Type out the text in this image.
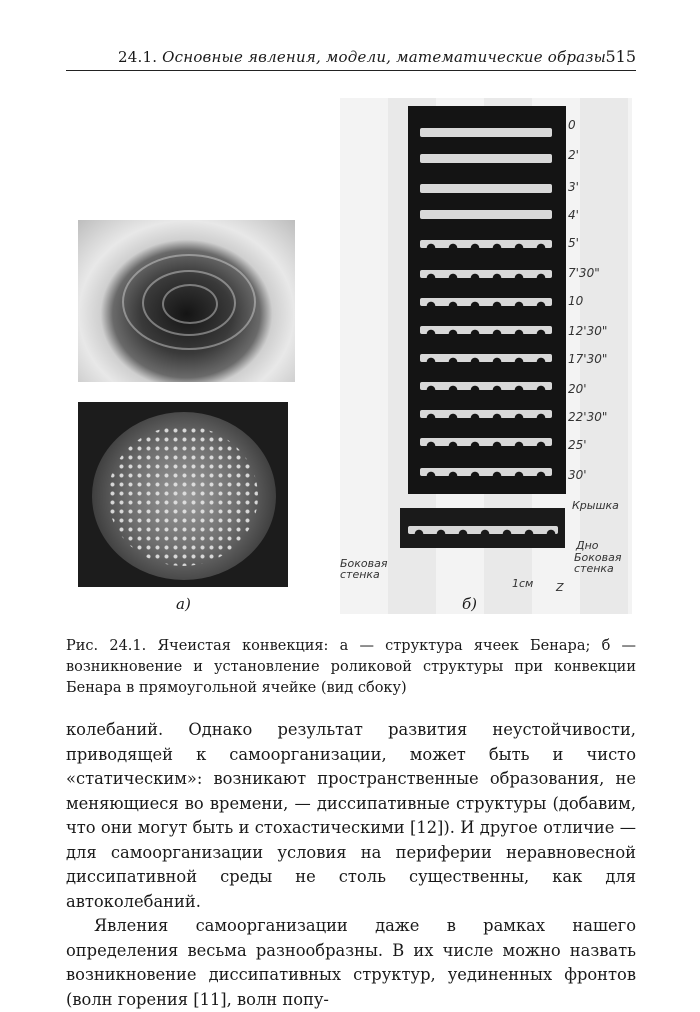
24.1. Основные явления, модели, математические образы 515
а)
0
2'
3'
4'
5'
7'30"
10
12'30"
17'30"
20'
22'30"
25'
30'
Крышка
Дно
Боковая стенка
Боковая стенка
1см Z
б)
Рис. 24.1. Ячеистая конвекция: а — структура ячеек Бенара; б — возникновение и установление роликовой структуры при конвекции Бенара в прямоугольной ячейке (вид сбоку)

колебаний. Однако результат развития неустойчивости, приводящей к самоорганизации, может быть и чисто «статическим»: возникают пространственные образования, не меняющиеся во времени, — диссипативные структуры (добавим, что они могут быть и стохастическими [12]). И другое отличие — для самоорганизации условия на периферии неравновесной диссипативной среды не столь существенны, как для автоколебаний.

Явления самоорганизации даже в рамках нашего определения весьма разнообразны. В их числе можно назвать возникновение диссипативных структур, уединенных фронтов (волн горения [11], волн попу-
